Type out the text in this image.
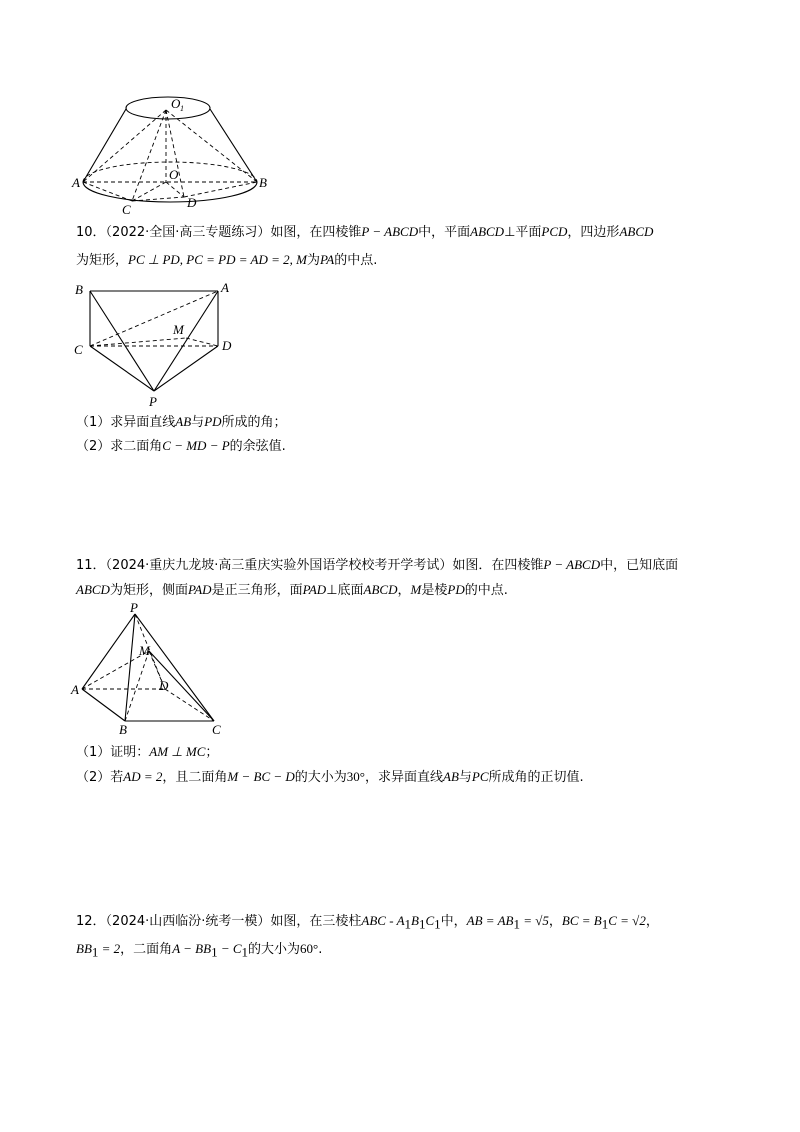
O 1
O
A	B
C	D
10．（2022·全国·高三专题练习）如图，在四棱锥P − ABCD中，平面ABCD⊥平面PCD，四边形ABCD
为矩形，PC ⊥ PD, PC = PD = AD = 2, M为PA的中点.
B	A
M
C	D
P
（1）求异面直线AB与PD所成的角；
（2）求二面角C − MD − P的余弦值.
11．（2024·重庆九龙坡·高三重庆实验外国语学校校考开学考试）如图．在四棱锥P − ABCD中，已知底面
ABCD为矩形，侧面PAD是正三角形，面PAD⊥底面ABCD，M是棱PD的中点.
P
M
A	D
B	C
（1）证明：AM ⊥ MC；
（2）若AD = 2，且二面角M − BC − D的大小为30°，求异面直线AB与PC所成角的正切值.
12．（2024·山西临汾·统考一模）如图，在三棱柱ABC - $A_1B_1C_1$中，AB = $AB_1 = √5$，BC = $B_1C = √2$，
$BB_1 = 2$，二面角$A - BB_1 - C_1$的大小为60°.
